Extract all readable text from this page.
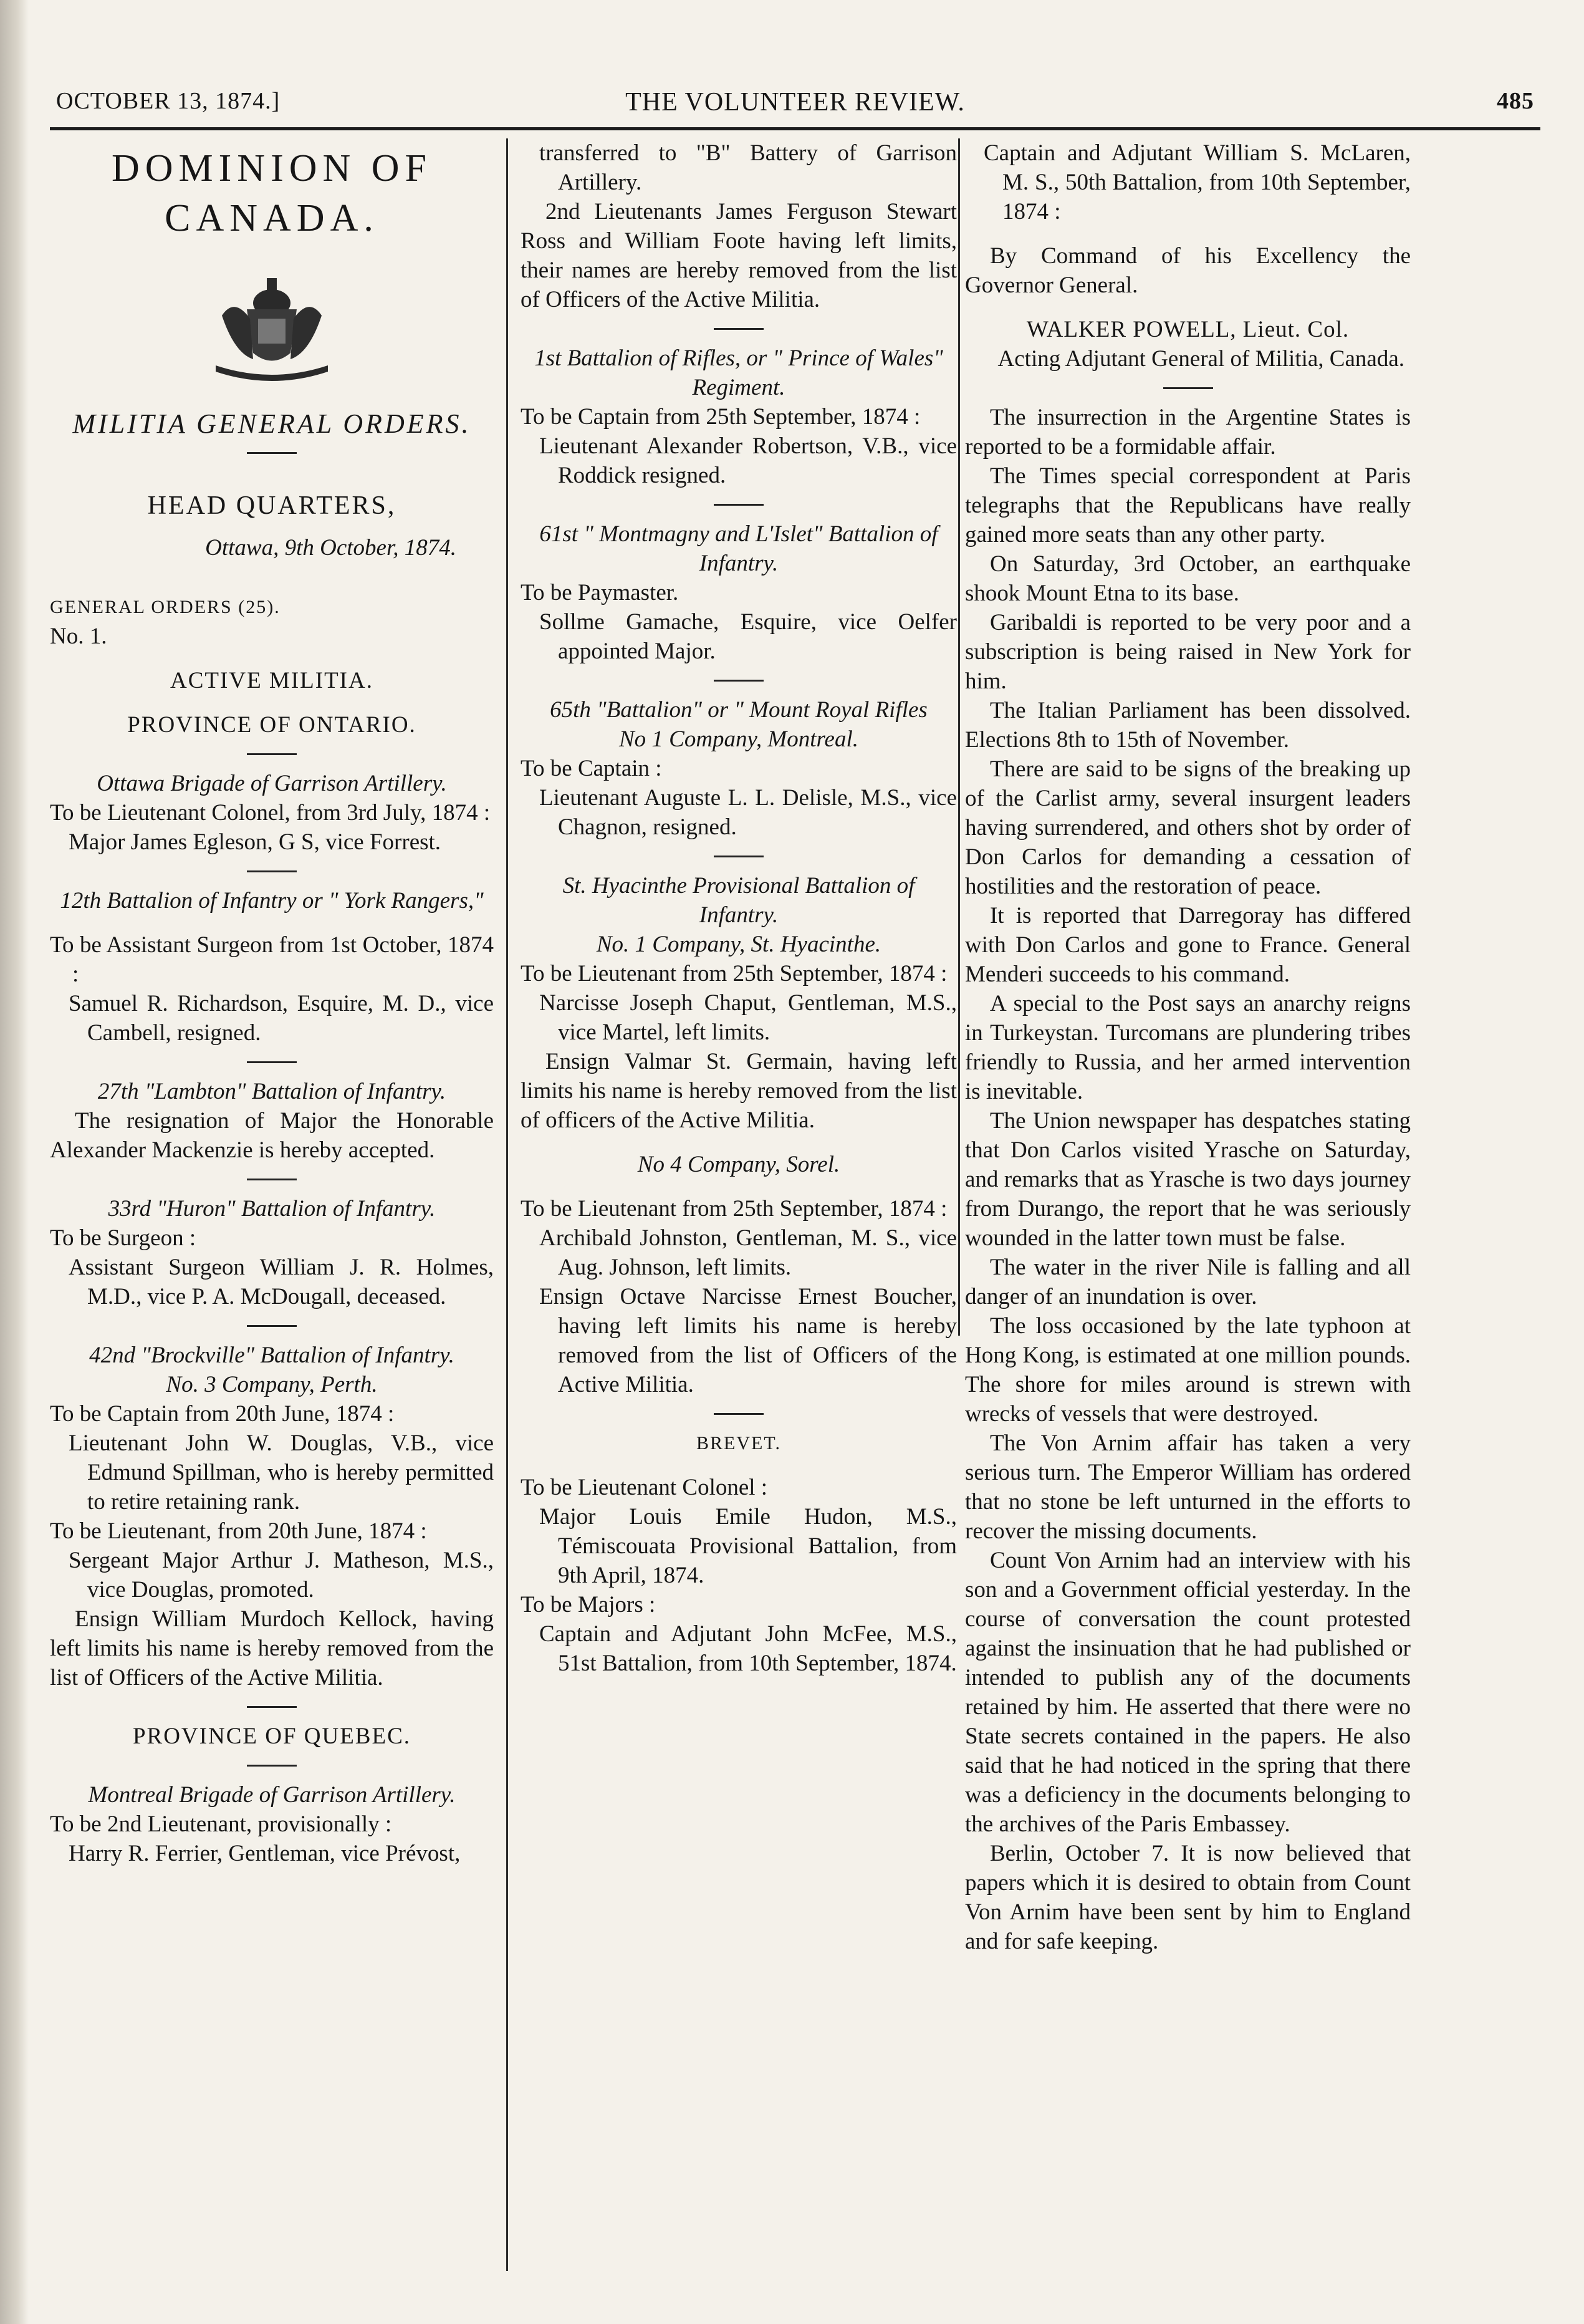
THE VOLUNTEER REVIEW.
OCTOBER 13, 1874.]	485

DOMINION OF CANADA.

MILITIA GENERAL ORDERS.

HEAD QUARTERS,

Ottawa, 9th October, 1874.

GENERAL ORDERS (25).

No. 1.

ACTIVE MILITIA.

PROVINCE OF ONTARIO.

Ottawa Brigade of Garrison Artillery.

To be Lieutenant Colonel, from 3rd July, 1874 :

Major James Egleson, G S, vice Forrest.

12th Battalion of Infantry or " York Rangers,"

To be Assistant Surgeon from 1st October, 1874 :

Samuel R. Richardson, Esquire, M. D., vice Cambell, resigned.

27th "Lambton" Battalion of Infantry.

The resignation of Major the Honorable Alexander Mackenzie is hereby accepted.

33rd "Huron" Battalion of Infantry.

To be Surgeon :

Assistant Surgeon William J. R. Holmes, M.D., vice P. A. McDougall, deceased.

42nd "Brockville" Battalion of Infantry.

No. 3 Company, Perth.

To be Captain from 20th June, 1874 :

Lieutenant John W. Douglas, V.B., vice Edmund Spillman, who is hereby permitted to retire retaining rank.

To be Lieutenant, from 20th June, 1874 :

Sergeant Major Arthur J. Matheson, M.S., vice Douglas, promoted.

Ensign William Murdoch Kellock, having left limits his name is hereby removed from the list of Officers of the Active Militia.

PROVINCE OF QUEBEC.

Montreal Brigade of Garrison Artillery.

To be 2nd Lieutenant, provisionally :

Harry R. Ferrier, Gentleman, vice Prévost,

transferred to "B" Battery of Garrison Artillery.

2nd Lieutenants James Ferguson Stewart Ross and William Foote having left limits, their names are hereby removed from the list of Officers of the Active Militia.

1st Battalion of Rifles, or " Prince of Wales" Regiment.

To be Captain from 25th September, 1874 :

Lieutenant Alexander Robertson, V.B., vice Roddick resigned.

61st " Montmagny and L'Islet" Battalion of Infantry.

To be Paymaster.

Sollme Gamache, Esquire, vice Oelfer appointed Major.

65th "Battalion" or " Mount Royal Rifles

No 1 Company, Montreal.

To be Captain :

Lieutenant Auguste L. L. Delisle, M.S., vice Chagnon, resigned.

St. Hyacinthe Provisional Battalion of Infantry.

No. 1 Company, St. Hyacinthe.

To be Lieutenant from 25th September, 1874 :

Narcisse Joseph Chaput, Gentleman, M.S., vice Martel, left limits.

Ensign Valmar St. Germain, having left limits his name is hereby removed from the list of officers of the Active Militia.

No 4 Company, Sorel.

To be Lieutenant from 25th September, 1874 :

Archibald Johnston, Gentleman, M. S., vice Aug. Johnson, left limits.

Ensign Octave Narcisse Ernest Boucher, having left limits his name is hereby removed from the list of Officers of the Active Militia.

BREVET.

To be Lieutenant Colonel :

Major Louis Emile Hudon, M.S., Témiscouata Provisional Battalion, from 9th April, 1874.

To be Majors :

Captain and Adjutant John McFee, M.S., 51st Battalion, from 10th September, 1874.

Captain and Adjutant William S. McLaren, M. S., 50th Battalion, from 10th September, 1874 :

By Command of his Excellency the Governor General.

WALKER POWELL, Lieut. Col.

Acting Adjutant General of Militia, Canada.

The insurrection in the Argentine States is reported to be a formidable affair.

The Times special correspondent at Paris telegraphs that the Republicans have really gained more seats than any other party.

On Saturday, 3rd October, an earthquake shook Mount Etna to its base.

Garibaldi is reported to be very poor and a subscription is being raised in New York for him.

The Italian Parliament has been dissolved. Elections 8th to 15th of November.

There are said to be signs of the breaking up of the Carlist army, several insurgent leaders having surrendered, and others shot by order of Don Carlos for demanding a cessation of hostilities and the restoration of peace.

It is reported that Darregoray has differed with Don Carlos and gone to France. General Menderi succeeds to his command.

A special to the Post says an anarchy reigns in Turkeystan. Turcomans are plundering tribes friendly to Russia, and her armed intervention is inevitable.

The Union newspaper has despatches stating that Don Carlos visited Yrasche on Saturday, and remarks that as Yrasche is two days journey from Durango, the report that he was seriously wounded in the latter town must be false.

The water in the river Nile is falling and all danger of an inundation is over.

The loss occasioned by the late typhoon at Hong Kong, is estimated at one million pounds. The shore for miles around is strewn with wrecks of vessels that were destroyed.

The Von Arnim affair has taken a very serious turn. The Emperor William has ordered that no stone be left unturned in the efforts to recover the missing documents.

Count Von Arnim had an interview with his son and a Government official yesterday. In the course of conversation the count protested against the insinuation that he had published or intended to publish any of the documents retained by him. He asserted that there were no State secrets contained in the papers. He also said that he had noticed in the spring that there was a deficiency in the documents belonging to the archives of the Paris Embassey.

Berlin, October 7. It is now believed that papers which it is desired to obtain from Count Von Arnim have been sent by him to England and for safe keeping.
